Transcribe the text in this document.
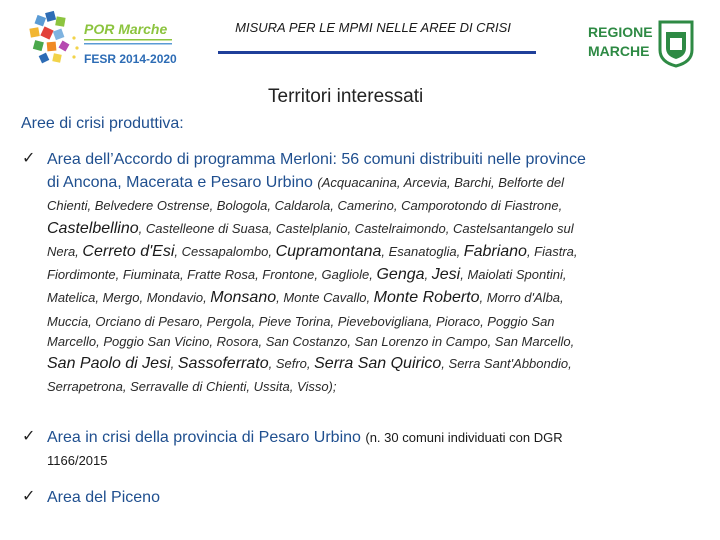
POR Marche
FESR 2014-2020
MISURA PER LE MPMI NELLE AREE DI CRISI	REGIONE
MARCHE
Territori interessati
Aree di crisi produttiva:
✓ Area dell’Accordo di programma Merloni: 56 comuni distribuiti nelle province
di Ancona, Macerata e Pesaro Urbino (Acquacanina, Arcevia, Barchi, Belforte del
Chienti, Belvedere Ostrense, Bologola, Caldarola, Camerino, Camporotondo di Fiastrone,
Castelbellino, Castelleone di Suasa, Castelplanio, Castelraimondo, Castelsantangelo sul
Nera, Cerreto d'Esi, Cessapalombo, Cupramontana, Esanatoglia, Fabriano, Fiastra,
Fiordimonte, Fiuminata, Fratte Rosa, Frontone, Gagliole, Genga, Jesi, Maiolati Spontini,
Matelica, Mergo, Mondavio, Monsano, Monte Cavallo, Monte Roberto, Morro d'Alba,
Muccia, Orciano di Pesaro, Pergola, Pieve Torina, Pievebovigliana, Pioraco, Poggio San
Marcello, Poggio San Vicino, Rosora, San Costanzo, San Lorenzo in Campo, San Marcello,
San Paolo di Jesi, Sassoferrato, Sefro, Serra San Quirico, Serra Sant'Abbondio,
Serrapetrona, Serravalle di Chienti, Ussita, Visso);
✓ Area in crisi della provincia di Pesaro Urbino (n. 30 comuni individuati con DGR
1166/2015
✓ Area del Piceno
